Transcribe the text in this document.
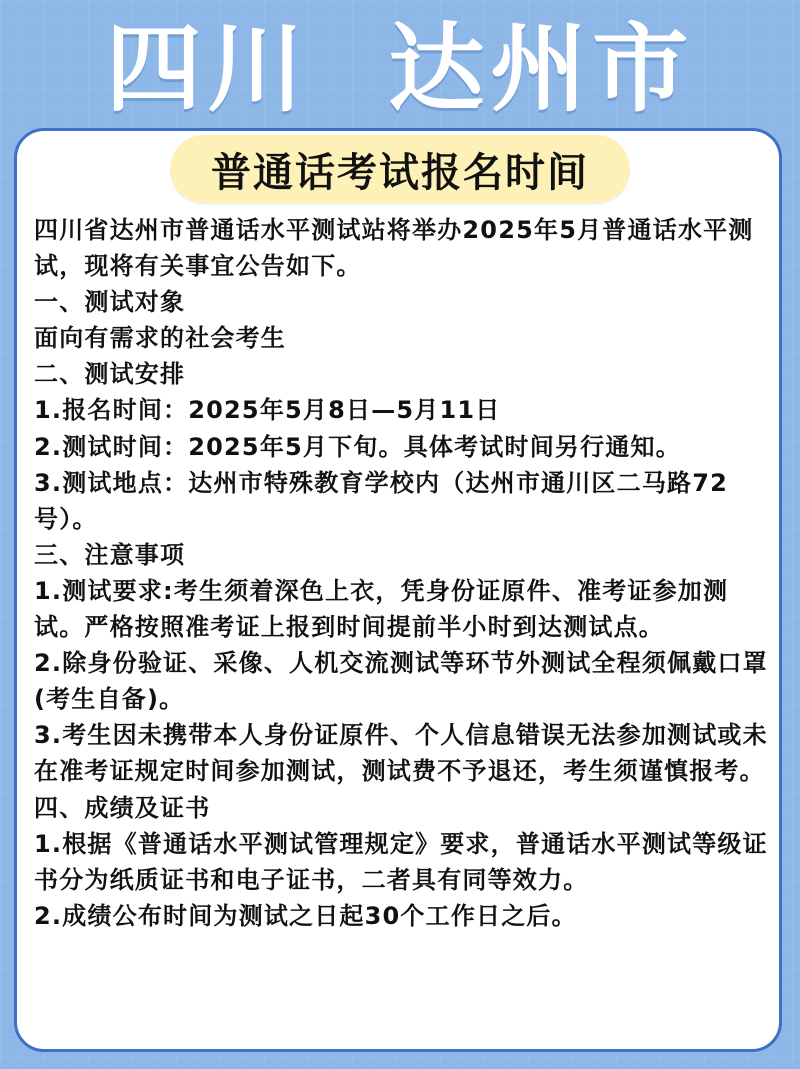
四川  达州市
普通话考试报名时间

四川省达州市普通话水平测试站将举办2025年5月普通话水平测试，现将有关事宜公告如下。

一、测试对象

面向有需求的社会考生

二、测试安排

1.报名时间：2025年5月8日—5月11日

2.测试时间：2025年5月下旬。具体考试时间另行通知。

3.测试地点：达州市特殊教育学校内（达州市通川区二马路72号）。

三、注意事项

1.测试要求:考生须着深色上衣，凭身份证原件、准考证参加测试。严格按照准考证上报到时间提前半小时到达测试点。

2.除身份验证、采像、人机交流测试等环节外测试全程须佩戴口罩(考生自备)。

3.考生因未携带本人身份证原件、个人信息错误无法参加测试或未在准考证规定时间参加测试，测试费不予退还，考生须谨慎报考。

四、成绩及证书

1.根据《普通话水平测试管理规定》要求，普通话水平测试等级证书分为纸质证书和电子证书，二者具有同等效力。

2.成绩公布时间为测试之日起30个工作日之后。
